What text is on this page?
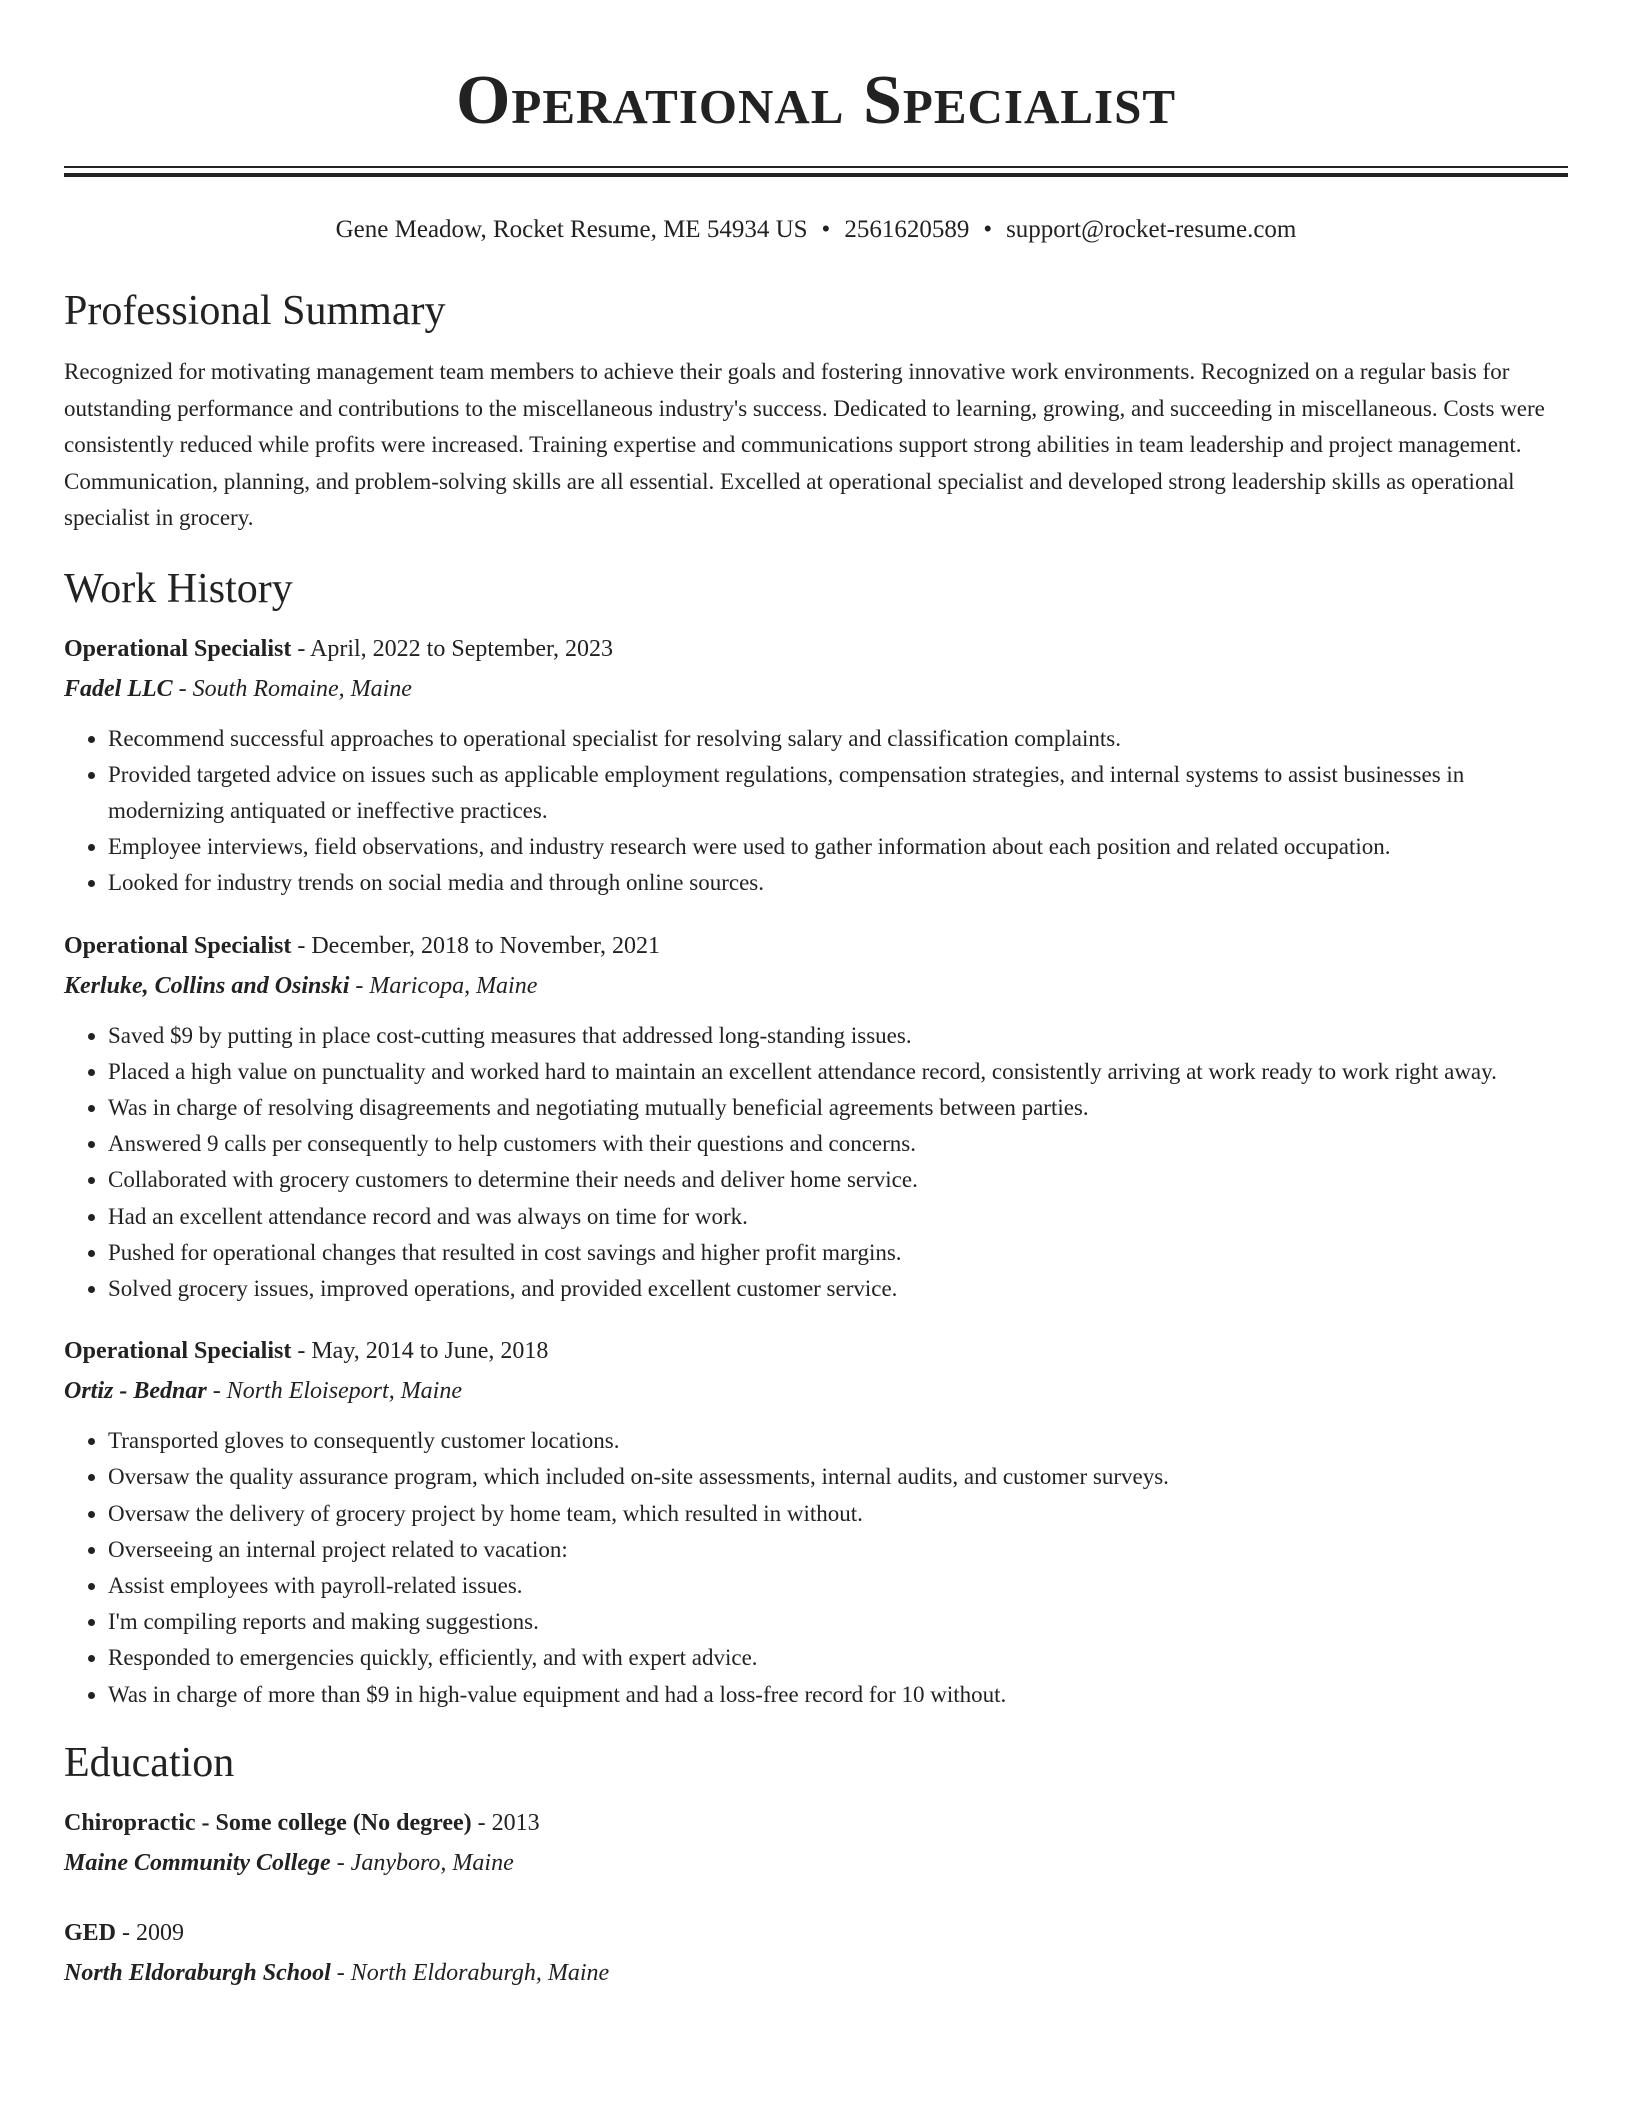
Operational Specialist
Gene Meadow, Rocket Resume, ME 54934 US • 2561620589 • support@rocket-resume.com
Professional Summary
Recognized for motivating management team members to achieve their goals and fostering innovative work environments. Recognized on a regular basis for outstanding performance and contributions to the miscellaneous industry's success. Dedicated to learning, growing, and succeeding in miscellaneous. Costs were consistently reduced while profits were increased. Training expertise and communications support strong abilities in team leadership and project management. Communication, planning, and problem-solving skills are all essential. Excelled at operational specialist and developed strong leadership skills as operational specialist in grocery.
Work History
Operational Specialist - April, 2022 to September, 2023
Fadel LLC - South Romaine, Maine
• Recommend successful approaches to operational specialist for resolving salary and classification complaints.
• Provided targeted advice on issues such as applicable employment regulations, compensation strategies, and internal systems to assist businesses in modernizing antiquated or ineffective practices.
• Employee interviews, field observations, and industry research were used to gather information about each position and related occupation.
• Looked for industry trends on social media and through online sources.
Operational Specialist - December, 2018 to November, 2021
Kerluke, Collins and Osinski - Maricopa, Maine
• Saved $9 by putting in place cost-cutting measures that addressed long-standing issues.
• Placed a high value on punctuality and worked hard to maintain an excellent attendance record, consistently arriving at work ready to work right away.
• Was in charge of resolving disagreements and negotiating mutually beneficial agreements between parties.
• Answered 9 calls per consequently to help customers with their questions and concerns.
• Collaborated with grocery customers to determine their needs and deliver home service.
• Had an excellent attendance record and was always on time for work.
• Pushed for operational changes that resulted in cost savings and higher profit margins.
• Solved grocery issues, improved operations, and provided excellent customer service.
Operational Specialist - May, 2014 to June, 2018
Ortiz - Bednar - North Eloiseport, Maine
• Transported gloves to consequently customer locations.
• Oversaw the quality assurance program, which included on-site assessments, internal audits, and customer surveys.
• Oversaw the delivery of grocery project by home team, which resulted in without.
• Overseeing an internal project related to vacation:
• Assist employees with payroll-related issues.
• I'm compiling reports and making suggestions.
• Responded to emergencies quickly, efficiently, and with expert advice.
• Was in charge of more than $9 in high-value equipment and had a loss-free record for 10 without.
Education
Chiropractic - Some college (No degree) - 2013
Maine Community College - Janyboro, Maine
GED - 2009
North Eldoraburgh School - North Eldoraburgh, Maine
